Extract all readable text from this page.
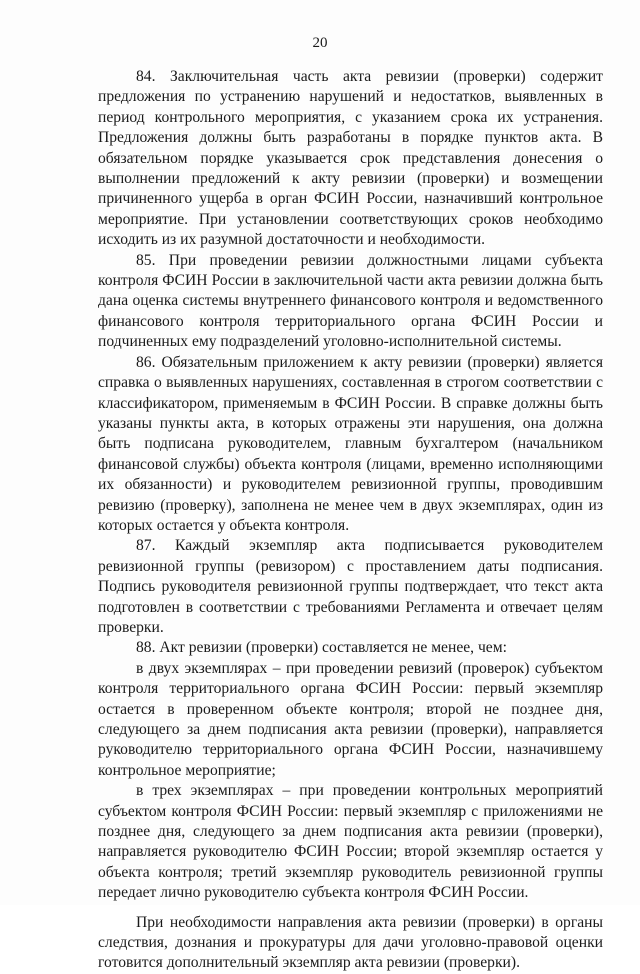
20

84. Заключительная часть акта ревизии (проверки) содержит предложения по устранению нарушений и недостатков, выявленных в период контрольного мероприятия, с указанием срока их устранения. Предложения должны быть разработаны в порядке пунктов акта. В обязательном порядке указывается срок представления донесения о выполнении предложений к акту ревизии (проверки) и возмещении причиненного ущерба в орган ФСИН России, назначивший контрольное мероприятие. При установлении соответствующих сроков необходимо исходить из их разумной достаточности и необходимости.

85. При проведении ревизии должностными лицами субъекта контроля ФСИН России в заключительной части акта ревизии должна быть дана оценка системы внутреннего финансового контроля и ведомственного финансового контроля территориального органа ФСИН России и подчиненных ему подразделений уголовно-исполнительной системы.

86. Обязательным приложением к акту ревизии (проверки) является справка о выявленных нарушениях, составленная в строгом соответствии с классификатором, применяемым в ФСИН России. В справке должны быть указаны пункты акта, в которых отражены эти нарушения, она должна быть подписана руководителем, главным бухгалтером (начальником финансовой службы) объекта контроля (лицами, временно исполняющими их обязанности) и руководителем ревизионной группы, проводившим ревизию (проверку), заполнена не менее чем в двух экземплярах, один из которых остается у объекта контроля.

87. Каждый экземпляр акта подписывается руководителем ревизионной группы (ревизором) с проставлением даты подписания. Подпись руководителя ревизионной группы подтверждает, что текст акта подготовлен в соответствии с требованиями Регламента и отвечает целям проверки.

88. Акт ревизии (проверки) составляется не менее, чем:

в двух экземплярах – при проведении ревизий (проверок) субъектом контроля территориального органа ФСИН России: первый экземпляр остается в проверенном объекте контроля; второй не позднее дня, следующего за днем подписания акта ревизии (проверки), направляется руководителю территориального органа ФСИН России, назначившему контрольное мероприятие;

в трех экземплярах – при проведении контрольных мероприятий субъектом контроля ФСИН России: первый экземпляр с приложениями не позднее дня, следующего за днем подписания акта ревизии (проверки), направляется руководителю ФСИН России; второй экземпляр остается у объекта контроля; третий экземпляр руководитель ревизионной группы передает лично руководителю субъекта контроля ФСИН России.

При необходимости направления акта ревизии (проверки) в органы следствия, дознания и прокуратуры для дачи уголовно-правовой оценки готовится дополнительный экземпляр акта ревизии (проверки).
